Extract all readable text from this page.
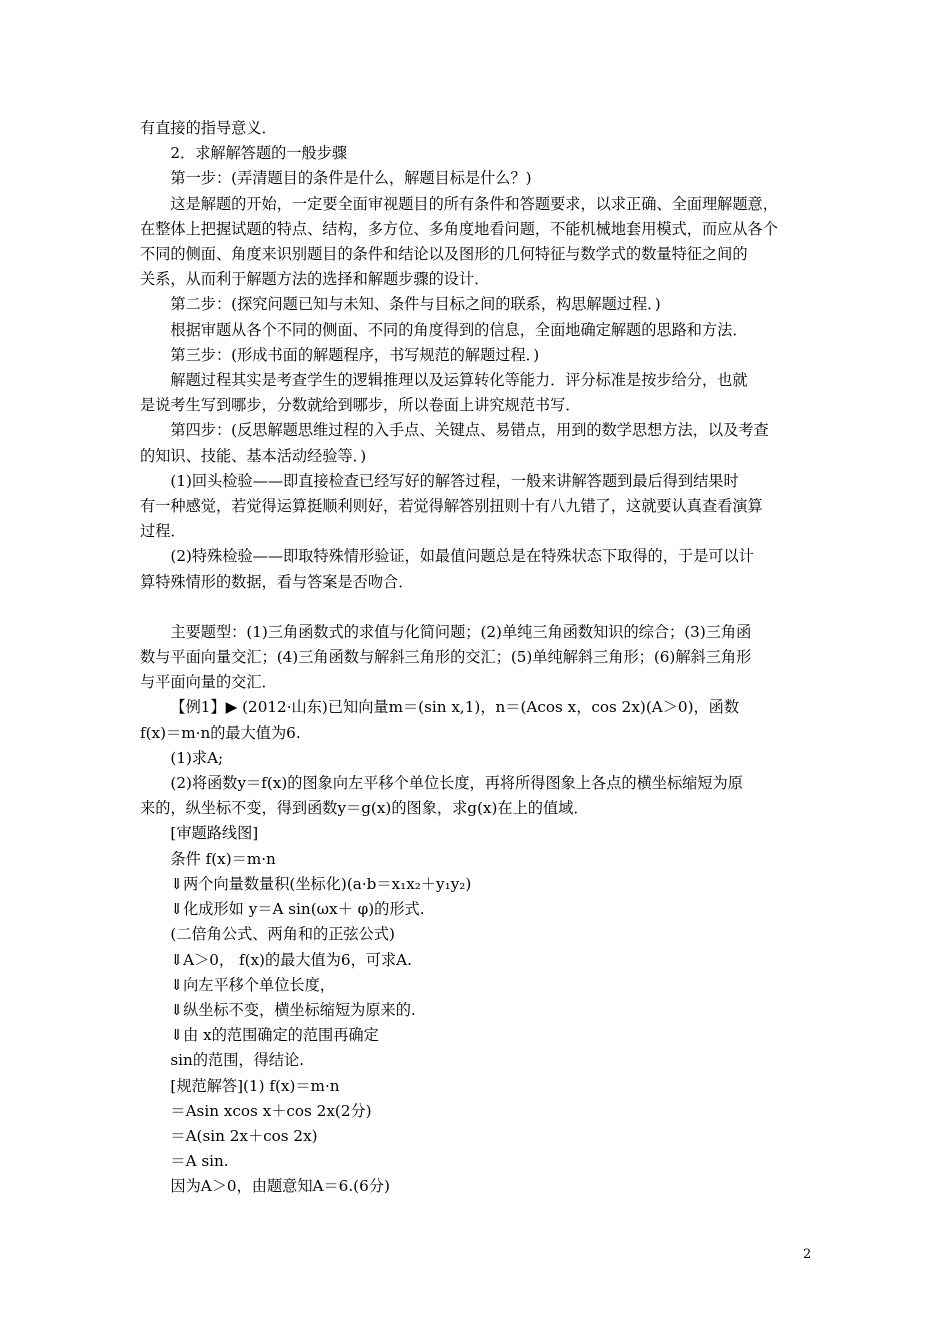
有直接的指导意义．
2．求解解答题的一般步骤
第一步：(弄清题目的条件是什么，解题目标是什么？)
这是解题的开始，一定要全面审视题目的所有条件和答题要求，以求正确、全面理解题意，
在整体上把握试题的特点、结构，多方位、多角度地看问题，不能机械地套用模式，而应从各个
不同的侧面、角度来识别题目的条件和结论以及图形的几何特征与数学式的数量特征之间的
关系，从而利于解题方法的选择和解题步骤的设计．
第二步：(探究问题已知与未知、条件与目标之间的联系，构思解题过程．)
根据审题从各个不同的侧面、不同的角度得到的信息，全面地确定解题的思路和方法．
第三步：(形成书面的解题程序，书写规范的解题过程．)
解题过程其实是考查学生的逻辑推理以及运算转化等能力．评分标准是按步给分，也就
是说考生写到哪步，分数就给到哪步，所以卷面上讲究规范书写．
第四步：(反思解题思维过程的入手点、关键点、易错点，用到的数学思想方法，以及考查
的知识、技能、基本活动经验等．)
(1)回头检验——即直接检查已经写好的解答过程，一般来讲解答题到最后得到结果时
有一种感觉，若觉得运算挺顺利则好，若觉得解答别扭则十有八九错了，这就要认真查看演算
过程．
(2)特殊检验——即取特殊情形验证，如最值问题总是在特殊状态下取得的，于是可以计
算特殊情形的数据，看与答案是否吻合．
主要题型：(1)三角函数式的求值与化简问题；(2)单纯三角函数知识的综合；(3)三角函
数与平面向量交汇；(4)三角函数与解斜三角形的交汇；(5)单纯解斜三角形；(6)解斜三角形
与平面向量的交汇．
【例1】▶ (2012·山东)已知向量m＝(sin x,1)，n＝(Acos x，cos 2x)(A＞0)，函数
f(x)＝m·n的最大值为6.
(1)求A;
(2)将函数y＝f(x)的图象向左平移个单位长度，再将所得图象上各点的横坐标缩短为原
来的，纵坐标不变，得到函数y＝g(x)的图象，求g(x)在上的值域．
[审题路线图]
条件 f(x)＝m·n
⇓两个向量数量积(坐标化)(a·b＝x₁x₂＋y₁y₂)
⇓化成形如 y＝A sin(ωx＋ φ)的形式.
(二倍角公式、两角和的正弦公式)
⇓A＞0， f(x)的最大值为6，可求A.
⇓向左平移个单位长度，
⇓纵坐标不变，横坐标缩短为原来的.
⇓由 x的范围确定的范围再确定
sin的范围，得结论.
[规范解答](1) f(x)＝m·n
＝Asin xcos x＋cos 2x(2分)
＝A(sin 2x＋cos 2x)
＝A sin.
因为A＞0，由题意知A＝6.(6分)
2
